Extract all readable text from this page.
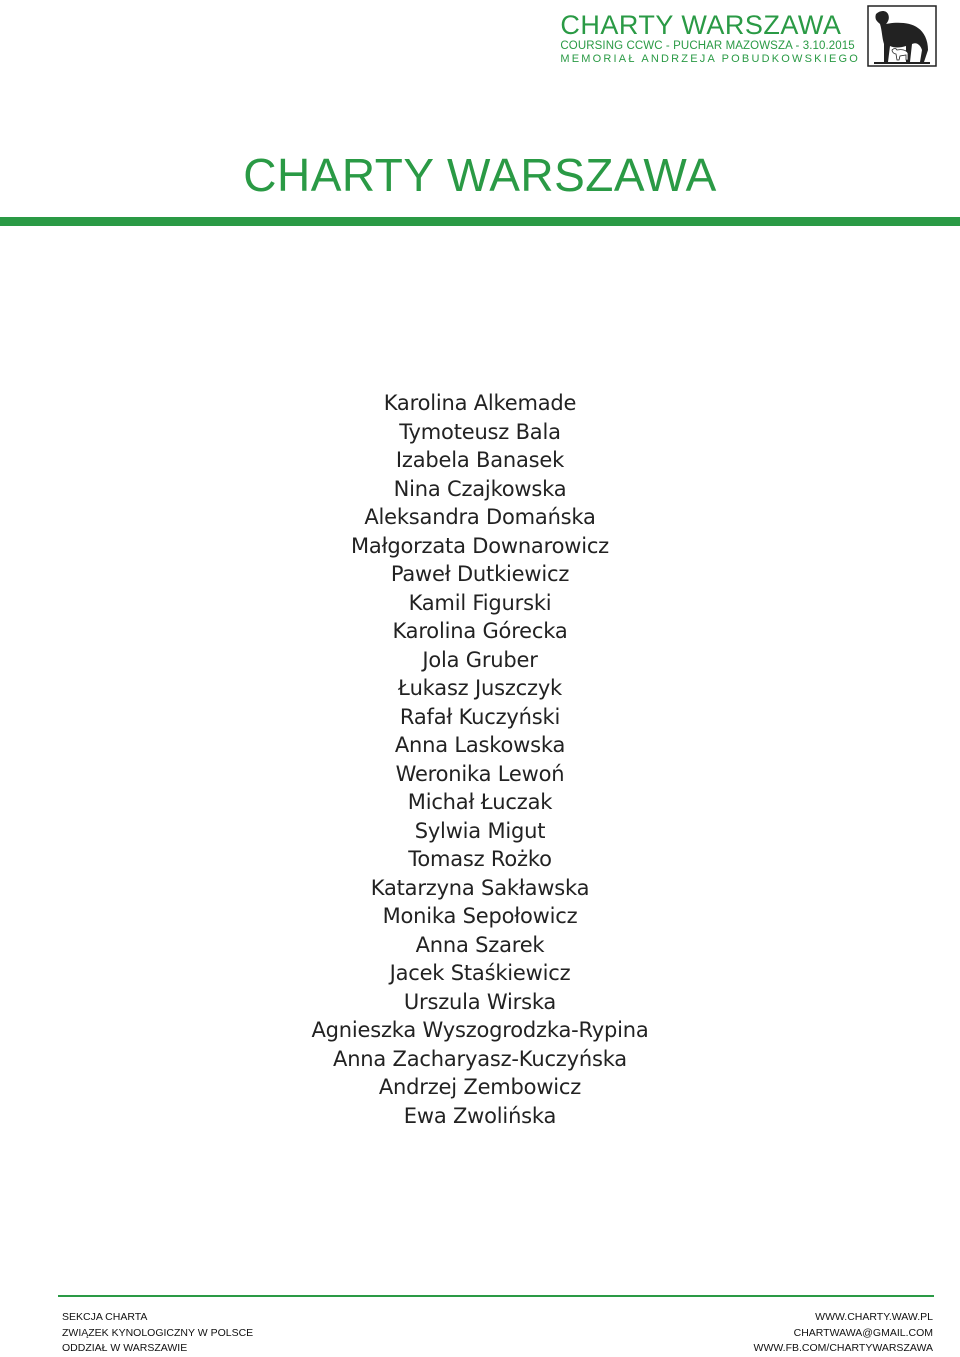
CHARTY WARSZAWA
COURSING CCWC - PUCHAR MAZOWSZA - 3.10.2015
MEMORIAŁ ANDRZEJA POBUDKOWSKIEGO
CHARTY WARSZAWA
Karolina Alkemade
Tymoteusz Bala
Izabela Banasek
Nina Czajkowska
Aleksandra Domańska
Małgorzata Downarowicz
Paweł Dutkiewicz
Kamil Figurski
Karolina Górecka
Jola Gruber
Łukasz Juszczyk
Rafał Kuczyński
Anna Laskowska
Weronika Lewoń
Michał Łuczak
Sylwia Migut
Tomasz Rożko
Katarzyna Sakławska
Monika Sepołowicz
Anna Szarek
Jacek Staśkiewicz
Urszula Wirska
Agnieszka Wyszogrodzka-Rypina
Anna Zacharyasz-Kuczyńska
Andrzej Zembowicz
Ewa Zwolińska
SEKCJA CHARTA
ZWIĄZEK KYNOLOGICZNY W POLSCE
ODDZIAŁ W WARSZAWIE
WWW.CHARTY.WAW.PL
CHARTWAWA@GMAIL.COM
WWW.FB.COM/CHARTYWARSZAWA
